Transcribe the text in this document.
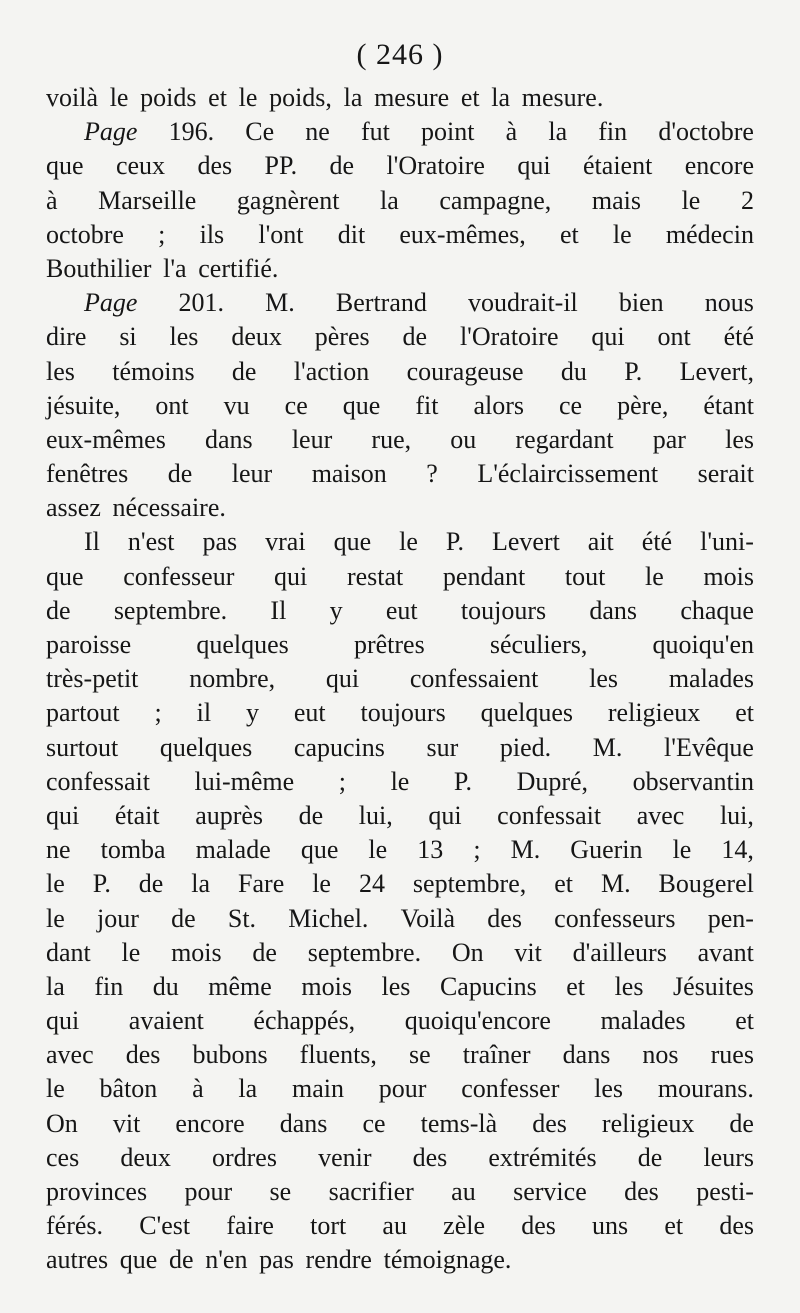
( 246 )
voilà le poids et le poids, la mesure et la mesure.
Page 196. Ce ne fut point à la fin d'octobre
que ceux des PP. de l'Oratoire qui étaient encore
à Marseille gagnèrent la campagne, mais le 2
octobre ; ils l'ont dit eux-mêmes, et le médecin
Bouthilier l'a certifié.
Page 201. M. Bertrand voudrait-il bien nous
dire si les deux pères de l'Oratoire qui ont été
les témoins de l'action courageuse du P. Levert,
jésuite, ont vu ce que fit alors ce père, étant
eux-mêmes dans leur rue, ou regardant par les
fenêtres de leur maison ? L'éclaircissement serait
assez nécessaire.
Il n'est pas vrai que le P. Levert ait été l'uni-
que confesseur qui restat pendant tout le mois
de septembre. Il y eut toujours dans chaque
paroisse	quelques	prêtres	séculiers,	quoiqu'en
très-petit nombre, qui confessaient les malades
partout ; il y eut toujours quelques religieux et
surtout quelques capucins sur pied. M. l'Evêque
confessait lui-même ; le P. Dupré, observantin
qui était auprès de lui, qui confessait avec lui,
ne tomba malade que le 13 ; M. Guerin le 14,
le P. de la Fare le 24 septembre, et M. Bougerel
le jour de St. Michel. Voilà des confesseurs pen-
dant le mois de septembre. On vit d'ailleurs avant
la fin du même mois les Capucins et les Jésuites
qui avaient échappés, quoiqu'encore malades et
avec des bubons fluents, se traîner dans nos rues
le bâton à la main pour confesser les mourans.
On vit encore dans ce tems-là des religieux de
ces deux ordres venir des extrémités de leurs
provinces pour se sacrifier au service des pesti-
férés. C'est faire tort au zèle des uns et des
autres que de n'en pas rendre témoignage.
